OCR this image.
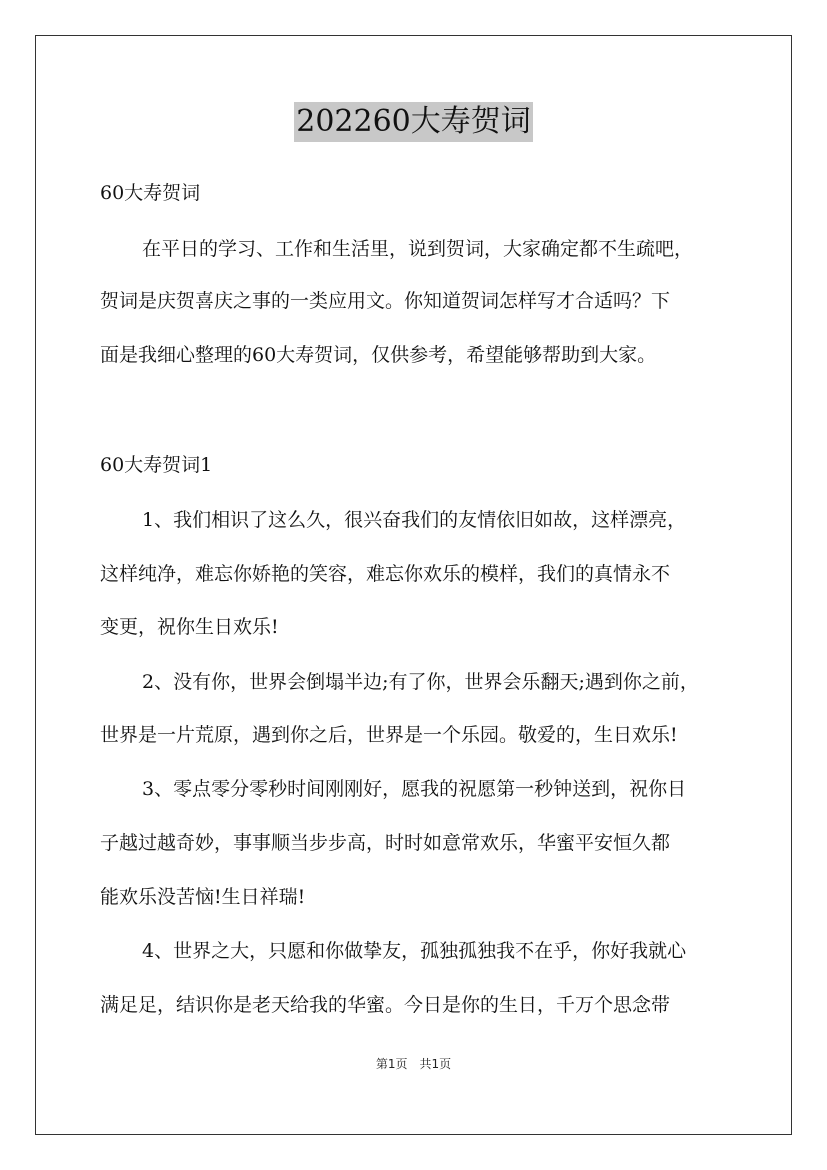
202260大寿贺词
60大寿贺词
在平日的学习、工作和生活里，说到贺词，大家确定都不生疏吧，
贺词是庆贺喜庆之事的一类应用文。你知道贺词怎样写才合适吗？下
面是我细心整理的60大寿贺词，仅供参考，希望能够帮助到大家。
60大寿贺词1
1、我们相识了这么久，很兴奋我们的友情依旧如故，这样漂亮，
这样纯净，难忘你娇艳的笑容，难忘你欢乐的模样，我们的真情永不
变更，祝你生日欢乐!
2、没有你，世界会倒塌半边;有了你，世界会乐翻天;遇到你之前，
世界是一片荒原，遇到你之后，世界是一个乐园。敬爱的，生日欢乐!
3、零点零分零秒时间刚刚好，愿我的祝愿第一秒钟送到，祝你日
子越过越奇妙，事事顺当步步高，时时如意常欢乐，华蜜平安恒久都
能欢乐没苦恼!生日祥瑞!
4、世界之大，只愿和你做挚友，孤独孤独我不在乎，你好我就心
满足足，结识你是老天给我的华蜜。今日是你的生日，千万个思念带
第1页　共1页
